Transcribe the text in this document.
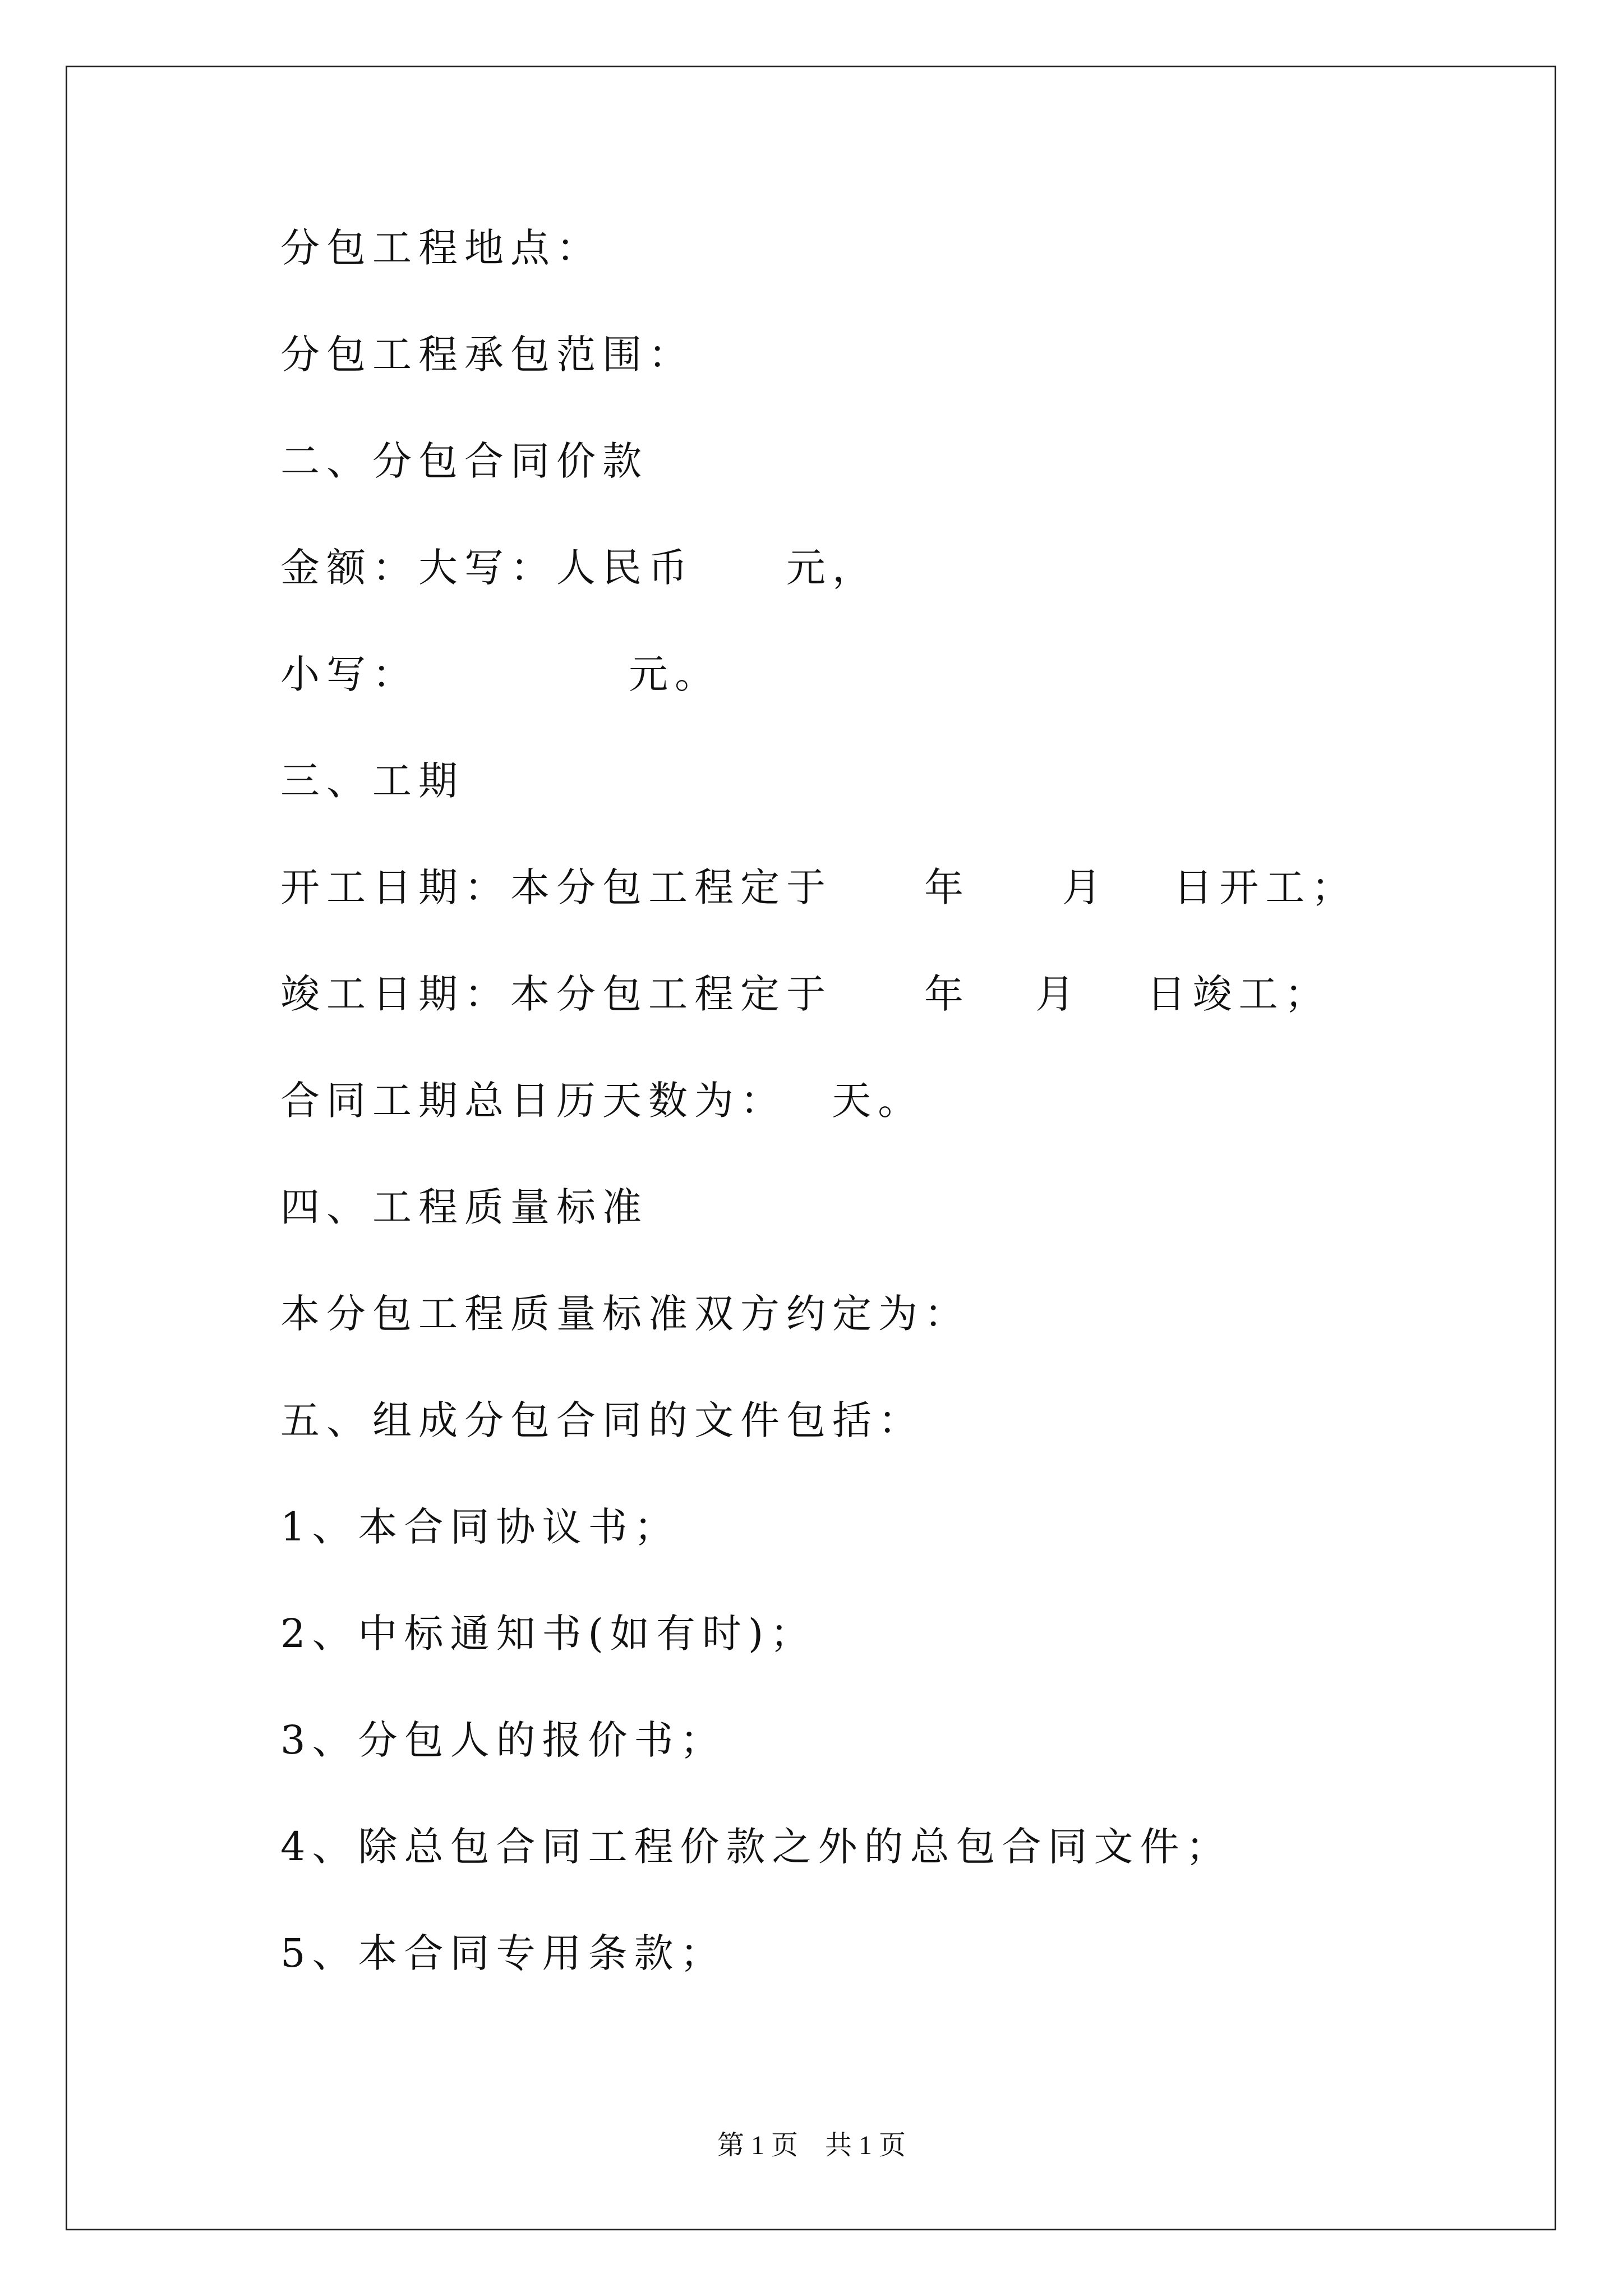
分包工程地点：
分包工程承包范围：
二、分包合同价款
金额：大写：人民币　　元，
小写：　　　　　元。
三、工期
开工日期：本分包工程定于　　年　　月　 日开工；
竣工日期：本分包工程定于　　年　 月　 日竣工；
合同工期总日历天数为：　 天。
四、工程质量标准
本分包工程质量标准双方约定为：
五、组成分包合同的文件包括：
1、本合同协议书；
2、中标通知书(如有时)；
3、分包人的报价书；
4、除总包合同工程价款之外的总包合同文件；
5、本合同专用条款；
第 1 页　共 1 页
